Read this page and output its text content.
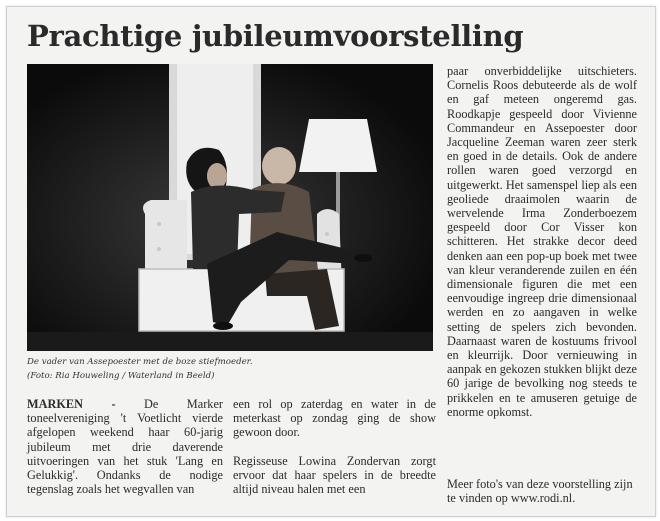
Prachtige jubileumvoorstelling

De vader van Assepoester met de boze stiefmoeder.

(Foto: Ria Houweling / Waterland in Beeld)

paar onverbiddelijke uitschieters. Cornelis Roos debuteerde als de wolf en gaf meteen ongeremd gas. Roodkapje gespeeld door Vivienne Commandeur en Assepoester door Jacqueline Zeeman waren zeer sterk en goed in de details. Ook de andere rollen waren goed verzorgd en uitgewerkt. Het samenspel liep als een geoliede draaimolen waarin de wervelende Irma Zonderboezem gespeeld door Cor Visser kon schitteren. Het strakke decor deed denken aan een pop-up boek met twee van kleur veranderende zuilen en één dimensionale figuren die met een eenvoudige ingreep drie dimensionaal werden en zo aangaven in welke setting de spelers zich bevonden. Daarnaast waren de kostuums frivool en kleurrijk. Door vernieuwing in aanpak en gekozen stukken blijkt deze 60 jarige de bevolking nog steeds te prikkelen en te amuseren getuige de enorme opkomst.

MARKEN - De Marker toneelvereniging 't Voetlicht vierde afgelopen weekend haar 60-jarig jubileum met drie daverende uitvoeringen van het stuk 'Lang en Gelukkig'. Ondanks de nodige tegenslag zoals het wegvallen van

een rol op zaterdag en water in de meterkast op zondag ging de show gewoon door.

Regisseuse Lowina Zondervan zorgt ervoor dat haar spelers in de breedte altijd niveau halen met een	Meer foto's van deze voorstelling zijn te vinden op www.rodi.nl.
